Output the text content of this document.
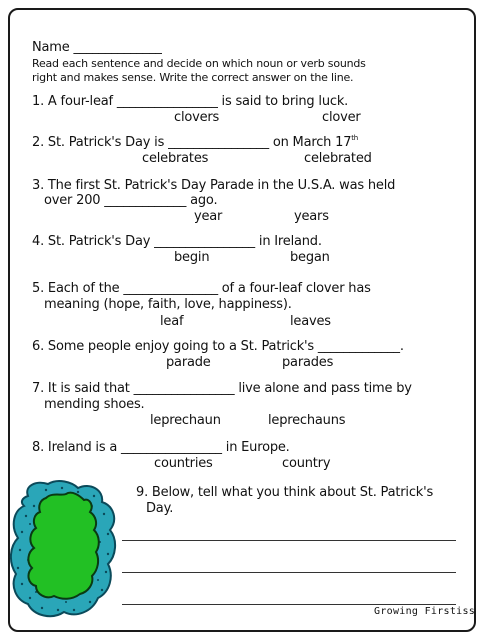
Name ______________
Read each sentence and decide on which noun or verb sounds
right and makes sense. Write the correct answer on the line.
1. A four-leaf ________________ is said to bring luck.
clovers	clover
2. St. Patrick's Day is ________________ on March 17th
celebrates	celebrated
3. The first St. Patrick's Day Parade in the U.S.A. was held
over 200 _____________ ago.
year	years
4. St. Patrick's Day ________________ in Ireland.
begin	began
5. Each of the _______________ of a four-leaf clover has
meaning (hope, faith, love, happiness).
leaf	leaves
6. Some people enjoy going to a St. Patrick's _____________.
parade	parades
7. It is said that ________________ live alone and pass time by
mending shoes.
leprechaun	leprechauns
8. Ireland is a ________________ in Europe.
countries	country
9. Below, tell what you think about St. Patrick's
Day.
Growing Firstiss
